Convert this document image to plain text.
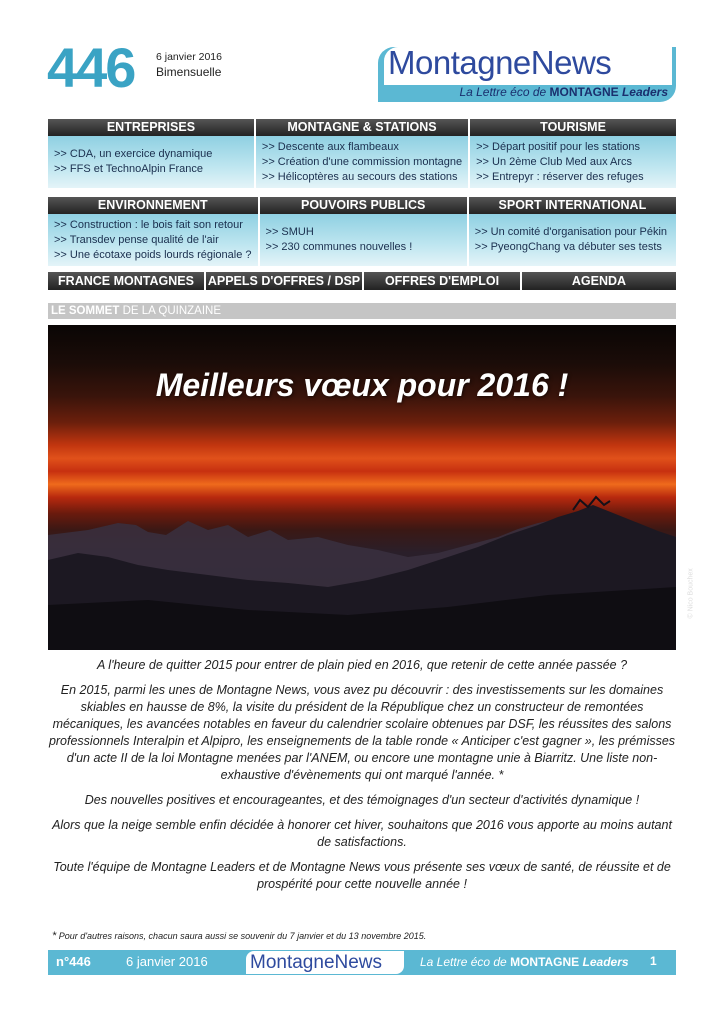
446 6 janvier 2016
Bimensuelle	MontagneNews
La Lettre éco de MONTAGNE Leaders
ENTREPRISES
>> CDA, un exercice dynamique
>> FFS et TechnoAlpin France
MONTAGNE & STATIONS
>> Descente aux flambeaux
>> Création d'une commission montagne
>> Hélicoptères au secours des stations
TOURISME
>> Départ positif pour les stations
>> Un 2ème Club Med aux Arcs
>> Entrepyr : réserver des refuges
ENVIRONNEMENT
>> Construction : le bois fait son retour
>> Transdev pense qualité de l'air
>> Une écotaxe poids lourds régionale ?
POUVOIRS PUBLICS
>> SMUH
>> 230 communes nouvelles !
SPORT INTERNATIONAL
>> Un comité d'organisation pour Pékin
>> PyeongChang va débuter ses tests
FRANCE MONTAGNES	APPELS D'OFFRES / DSP	OFFRES D'EMPLOI	AGENDA
LE SOMMET DE LA QUINZAINE
Meilleurs vœux pour 2016 !
© Nico Bouchex

A l'heure de quitter 2015 pour entrer de plain pied en 2016, que retenir de cette année passée ?

En 2015, parmi les unes de Montagne News, vous avez pu découvrir : des investissements sur les domaines skiables en hausse de 8%, la visite du président de la République chez un constructeur de remontées mécaniques, les avancées notables en faveur du calendrier scolaire obtenues par DSF, les réussites des salons professionnels Interalpin et Alpipro, les enseignements de la table ronde « Anticiper c'est gagner », les prémisses d'un acte II de la loi Montagne menées par l'ANEM, ou encore une montagne unie à Biarritz. Une liste non-exhaustive d'évènements qui ont marqué l'année. *

Des nouvelles positives et encourageantes, et des témoignages d'un secteur d'activités dynamique !

Alors que la neige semble enfin décidée à honorer cet hiver, souhaitons que 2016 vous apporte au moins autant de satisfactions.

Toute l'équipe de Montagne Leaders et de Montagne News vous présente ses vœux de santé, de réussite et de prospérité pour cette nouvelle année !

* Pour d'autres raisons, chacun saura aussi se souvenir du 7 janvier et du 13 novembre 2015.
n°446	6 janvier 2016 MontagneNews	La Lettre éco de MONTAGNE Leaders 1
